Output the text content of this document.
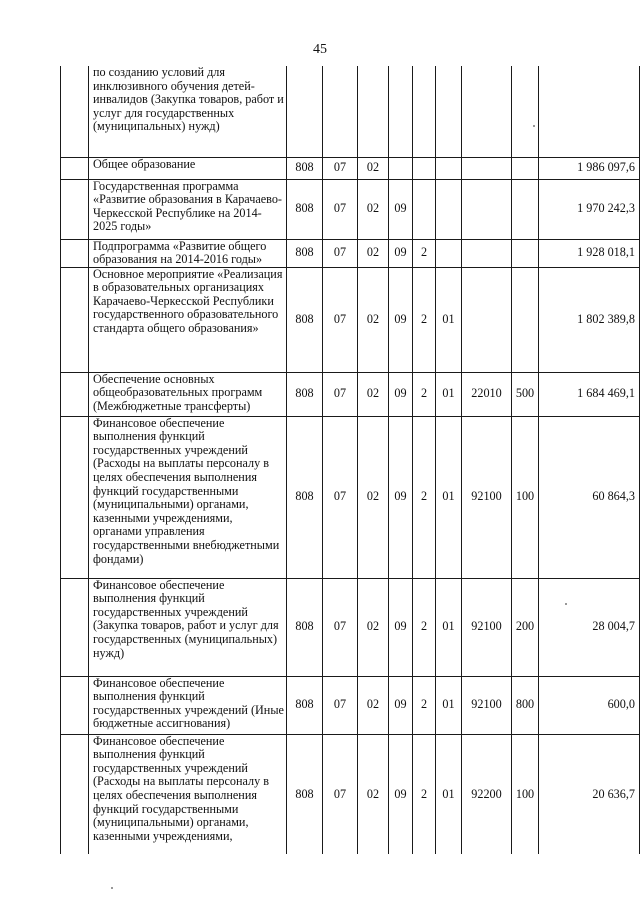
45
	по созданию условий для инклюзивного обучения детей-инвалидов (Закупка товаров, работ и услуг для государственных (муниципальных) нужд)									
	Общее образование	808	07	02						1 986 097,6
	Государственная программа «Развитие образования в Карачаево-Черкесской Республике на 2014-2025 годы»	808	07	02	09					1 970 242,3
	Подпрограмма «Развитие общего образования на 2014-2016 годы»	808	07	02	09	2				1 928 018,1
	Основное мероприятие «Реализация в образовательных организациях Карачаево-Черкесской Республики государственного образовательного стандарта общего образования»	808	07	02	09	2	01			1 802 389,8
	Обеспечение основных общеобразовательных программ (Межбюджетные трансферты)	808	07	02	09	2	01	22010	500	1 684 469,1
	Финансовое обеспечение выполнения функций государственных учреждений (Расходы на выплаты персоналу в целях обеспечения выполнения функций государственными (муниципальными) органами, казенными учреждениями, органами управления государственными внебюджетными фондами)	808	07	02	09	2	01	92100	100	60 864,3
	Финансовое обеспечение выполнения функций государственных учреждений (Закупка товаров, работ и услуг для государственных (муниципальных) нужд)	808	07	02	09	2	01	92100	200	28 004,7
	Финансовое обеспечение выполнения функций государственных учреждений (Иные бюджетные ассигнования)	808	07	02	09	2	01	92100	800	600,0
	Финансовое обеспечение выполнения функций государственных учреждений (Расходы на выплаты персоналу в целях обеспечения выполнения функций государственными (муниципальными) органами, казенными учреждениями,	808	07	02	09	2	01	92200	100	20 636,7
